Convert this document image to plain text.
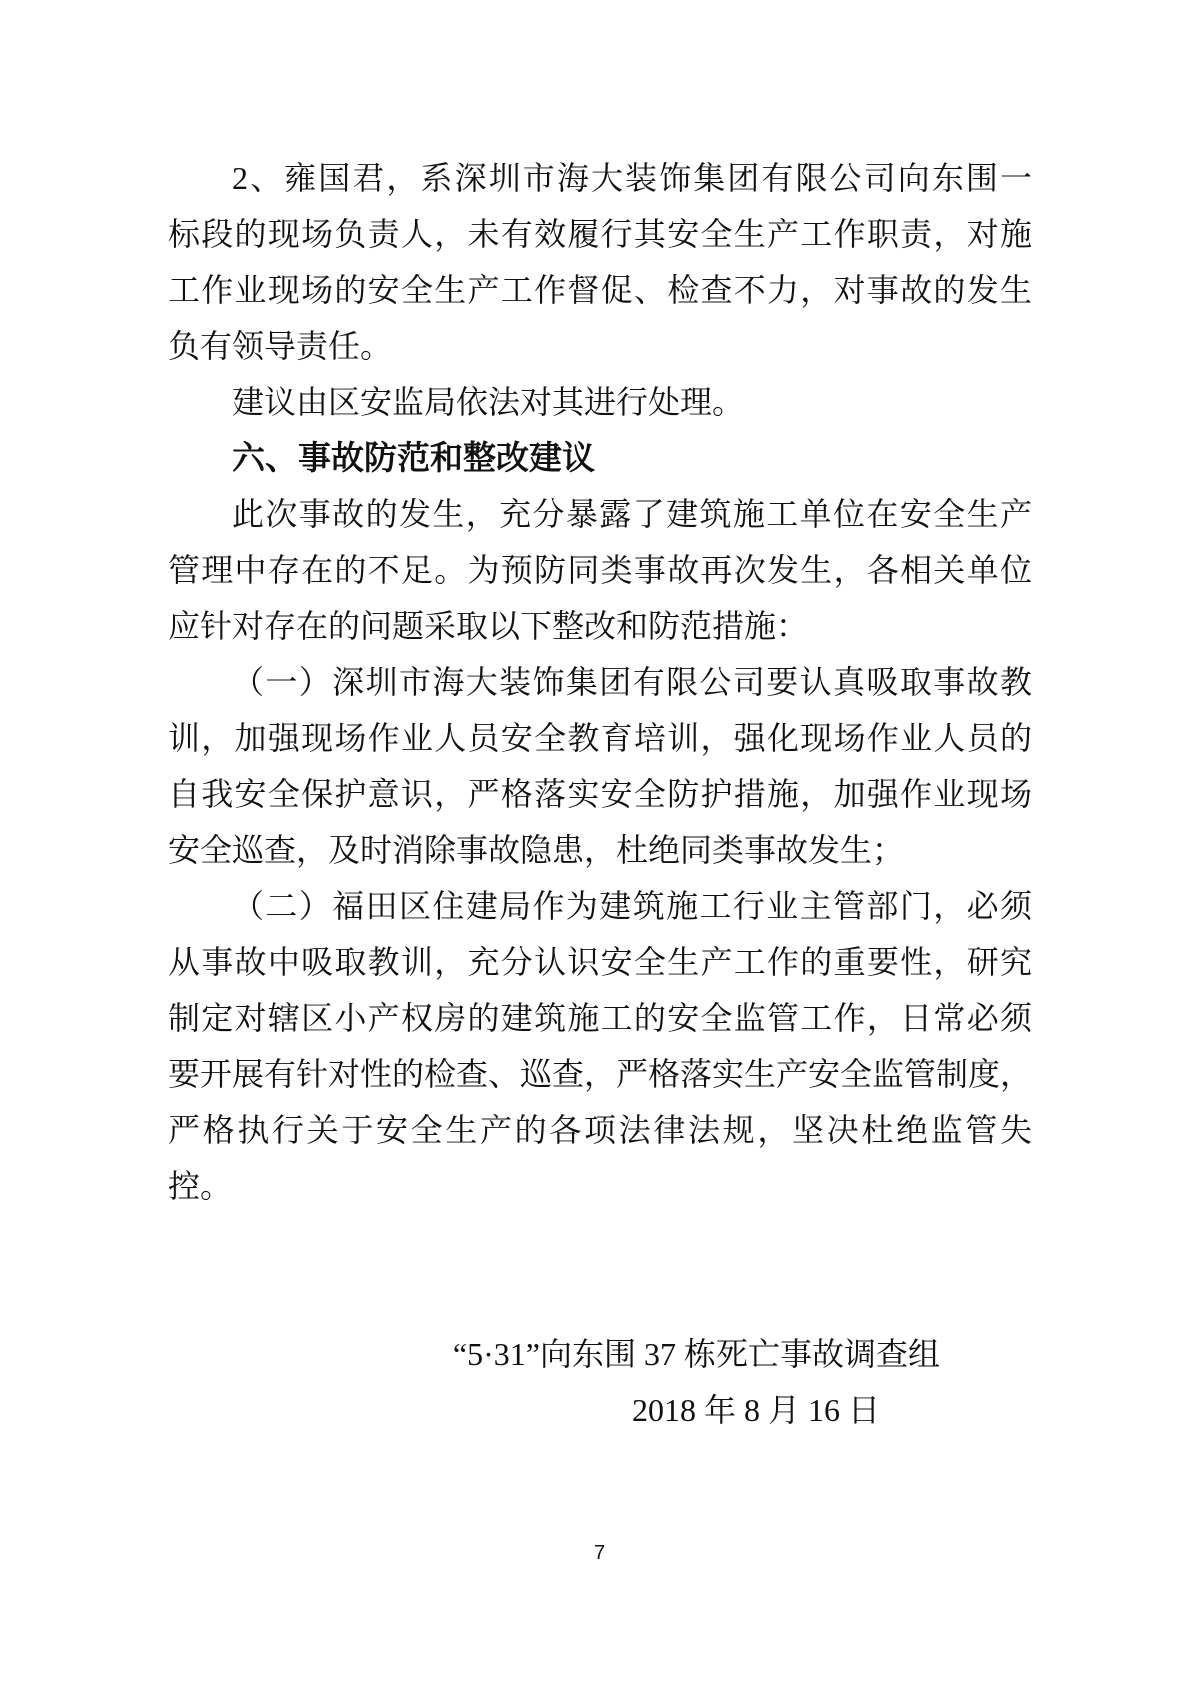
2、雍国君，系深圳市海大装饰集团有限公司向东围一
标段的现场负责人，未有效履行其安全生产工作职责，对施
工作业现场的安全生产工作督促、检查不力，对事故的发生
负有领导责任。
建议由区安监局依法对其进行处理。
六、事故防范和整改建议
此次事故的发生，充分暴露了建筑施工单位在安全生产
管理中存在的不足。为预防同类事故再次发生，各相关单位
应针对存在的问题采取以下整改和防范措施：
（一）深圳市海大装饰集团有限公司要认真吸取事故教
训，加强现场作业人员安全教育培训，强化现场作业人员的
自我安全保护意识，严格落实安全防护措施，加强作业现场
安全巡查，及时消除事故隐患，杜绝同类事故发生；
（二）福田区住建局作为建筑施工行业主管部门，必须
从事故中吸取教训，充分认识安全生产工作的重要性，研究
制定对辖区小产权房的建筑施工的安全监管工作，日常必须
要开展有针对性的检查、巡查，严格落实生产安全监管制度，
严格执行关于安全生产的各项法律法规，坚决杜绝监管失
控。
“5·31”向东围 37 栋死亡事故调查组
2018 年 8 月 16 日
7
